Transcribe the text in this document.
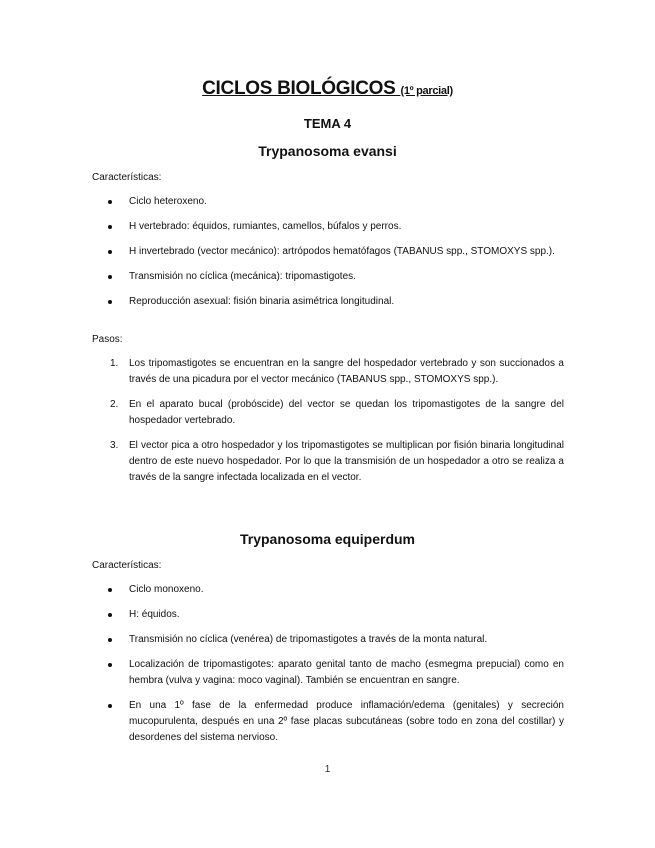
CICLOS BIOLÓGICOS (1º parcial)
TEMA 4
Trypanosoma evansi
Características:
Ciclo heteroxeno.
H vertebrado: équidos, rumiantes, camellos, búfalos y perros.
H invertebrado (vector mecánico): artrópodos hematófagos (TABANUS spp., STOMOXYS spp.).
Transmisión no cíclica (mecánica): tripomastigotes.
Reproducción asexual: fisión binaria asimétrica longitudinal.
Pasos:
1. Los tripomastigotes se encuentran en la sangre del hospedador vertebrado y son succionados a través de una picadura por el vector mecánico (TABANUS spp., STOMOXYS spp.).
2. En el aparato bucal (probóscide) del vector se quedan los tripomastigotes de la sangre del hospedador vertebrado.
3. El vector pica a otro hospedador y los tripomastigotes se multiplican por fisión binaria longitudinal dentro de este nuevo hospedador. Por lo que la transmisión de un hospedador a otro se realiza a través de la sangre infectada localizada en el vector.
Trypanosoma equiperdum
Características:
Ciclo monoxeno.
H: équidos.
Transmisión no cíclica (venérea) de tripomastigotes a través de la monta natural.
Localización de tripomastigotes: aparato genital tanto de macho (esmegma prepucial) como en hembra (vulva y vagina: moco vaginal). También se encuentran en sangre.
En una 1º fase de la enfermedad produce inflamación/edema (genitales) y secreción mucopurulenta, después en una 2º fase placas subcutáneas (sobre todo en zona del costillar) y desordenes del sistema nervioso.
1
